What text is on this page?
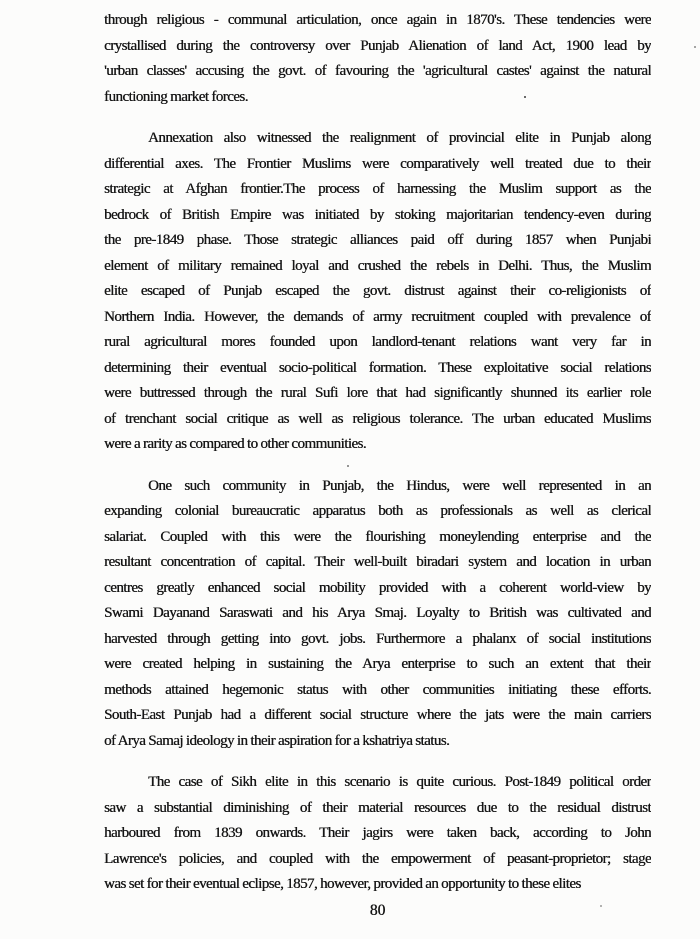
through religious - communal articulation, once again in 1870's. These tendencies were
crystallised during the controversy over Punjab Alienation of land Act, 1900 lead by
'urban classes' accusing the govt. of favouring the 'agricultural castes' against the natural
functioning market forces.
Annexation also witnessed the realignment of provincial elite in Punjab along
differential axes. The Frontier Muslims were comparatively well treated due to their
strategic at Afghan frontier.The process of harnessing the Muslim support as the
bedrock of British Empire was initiated by stoking majoritarian tendency-even during
the pre-1849 phase. Those strategic alliances paid off during 1857 when Punjabi
element of military remained loyal and crushed the rebels in Delhi. Thus, the Muslim
elite escaped of Punjab escaped the govt. distrust against their co-religionists of
Northern India. However, the demands of army recruitment coupled with prevalence of
rural agricultural mores founded upon landlord-tenant relations want very far in
determining their eventual socio-political formation. These exploitative social relations
were buttressed through the rural Sufi lore that had significantly shunned its earlier role
of trenchant social critique as well as religious tolerance. The urban educated Muslims
were a rarity as compared to other communities.
One such community in Punjab, the Hindus, were well represented in an
expanding colonial bureaucratic apparatus both as professionals as well as clerical
salariat. Coupled with this were the flourishing moneylending enterprise and the
resultant concentration of capital. Their well-built biradari system and location in urban
centres greatly enhanced social mobility provided with a coherent world-view by
Swami Dayanand Saraswati and his Arya Smaj. Loyalty to British was cultivated and
harvested through getting into govt. jobs. Furthermore a phalanx of social institutions
were created helping in sustaining the Arya enterprise to such an extent that their
methods attained hegemonic status with other communities initiating these efforts.
South-East Punjab had a different social structure where the jats were the main carriers
of Arya Samaj ideology in their aspiration for a kshatriya status.
The case of Sikh elite in this scenario is quite curious. Post-1849 political order
saw a substantial diminishing of their material resources due to the residual distrust
harboured from 1839 onwards. Their jagirs were taken back, according to John
Lawrence's policies, and coupled with the empowerment of peasant-proprietor; stage
was set for their eventual eclipse, 1857, however, provided an opportunity to these elites
80
